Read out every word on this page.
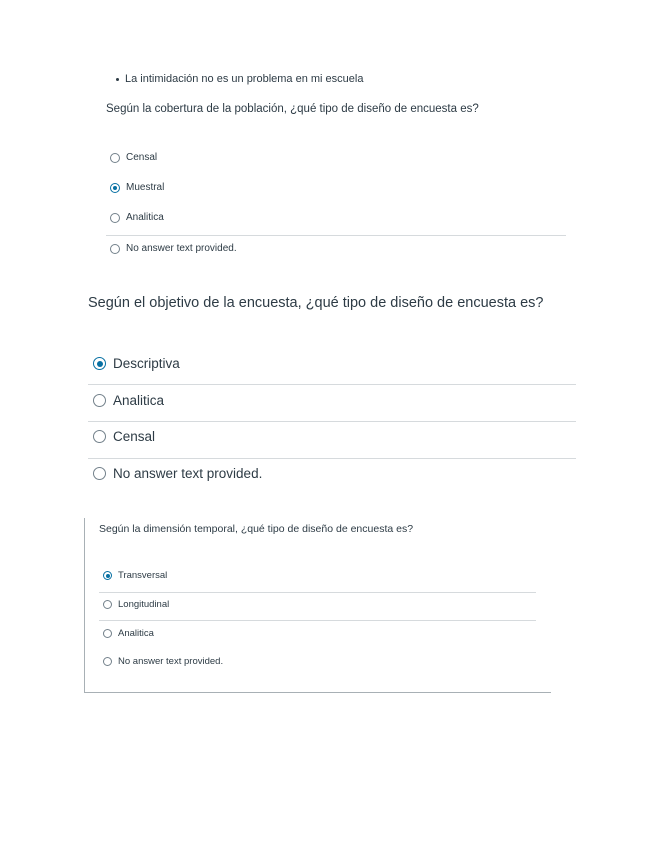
La intimidación no es un problema en mi escuela
Según la cobertura de la población, ¿qué tipo de diseño de encuesta es?
Censal
Muestral
Analitica
No answer text provided.
Según el objetivo de la encuesta, ¿qué tipo de diseño de encuesta es?
Descriptiva
Analitica
Censal
No answer text provided.
Según la dimensión temporal, ¿qué tipo de diseño de encuesta es?
Transversal
Longitudinal
Analitica
No answer text provided.
